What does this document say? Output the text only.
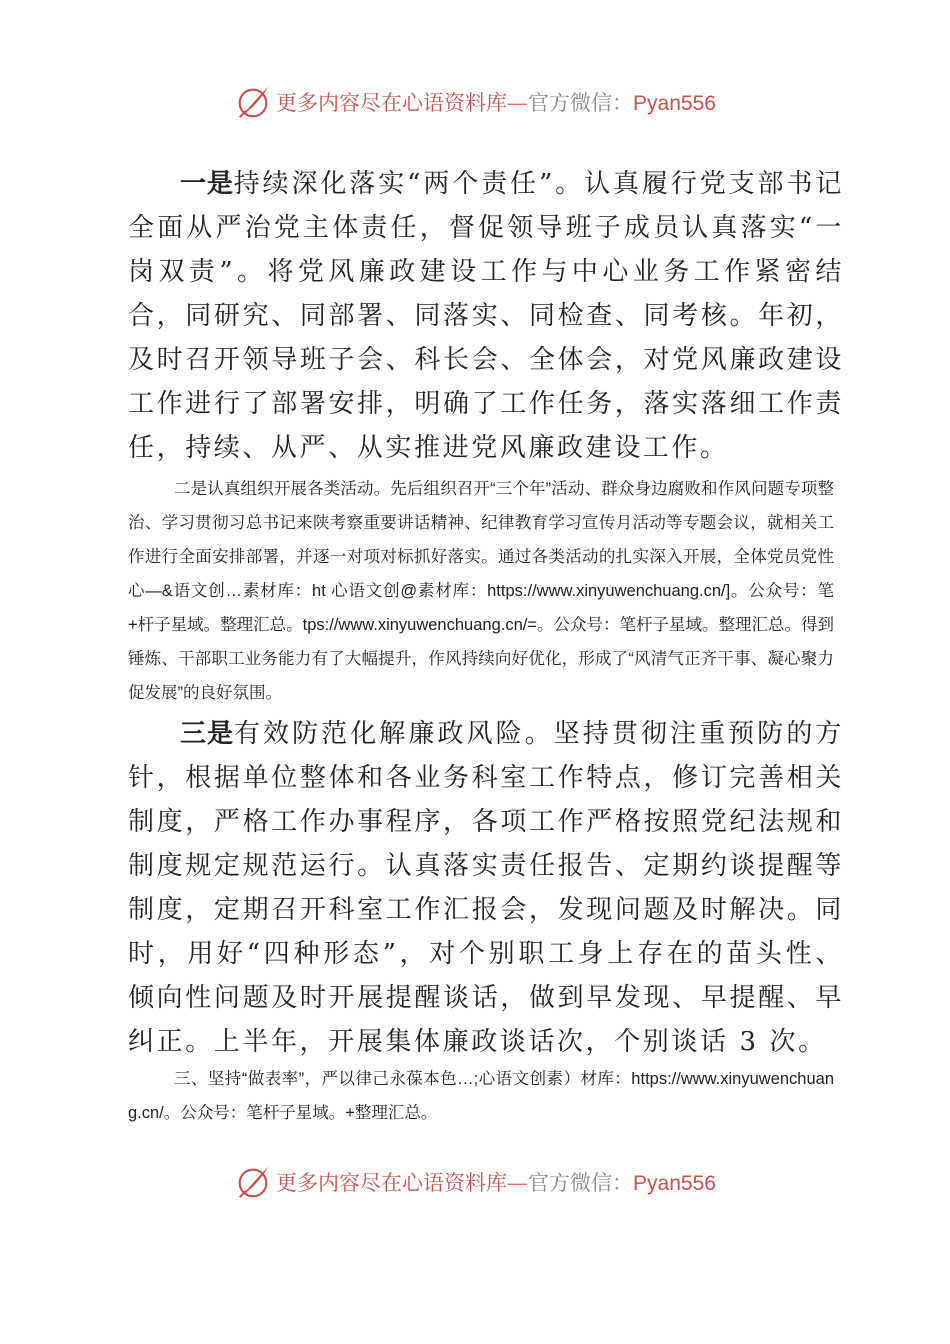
更多内容尽在心语资料库—官方微信：Pyan556

一是持续深化落实“两个责任”。认真履行党支部书记全面从严治党主体责任，督促领导班子成员认真落实“一岗双责”。将党风廉政建设工作与中心业务工作紧密结合，同研究、同部署、同落实、同检查、同考核。年初，及时召开领导班子会、科长会、全体会，对党风廉政建设工作进行了部署安排，明确了工作任务，落实落细工作责任，持续、从严、从实推进党风廉政建设工作。

二是认真组织开展各类活动。先后组织召开“三个年”活动、群众身边腐败和作风问题专项整治、学习贯彻习总书记来陕考察重要讲话精神、纪律教育学习宣传月活动等专题会议，就相关工作进行全面安排部署，并逐一对项对标抓好落实。通过各类活动的扎实深入开展，全体党员党性心—&语文创…素材库：ht 心语文创@素材库：https://www.xinyuwenchuang.cn/]。公众号：笔+杆子星域。整理汇总。tps://www.xinyuwenchuang.cn/=。公众号：笔杆子星域。整理汇总。得到锤炼、干部职工业务能力有了大幅提升，作风持续向好优化，形成了“风清气正齐干事、凝心聚力促发展”的良好氛围。

三是有效防范化解廉政风险。坚持贯彻注重预防的方针，根据单位整体和各业务科室工作特点，修订完善相关制度，严格工作办事程序，各项工作严格按照党纪法规和制度规定规范运行。认真落实责任报告、定期约谈提醒等制度，定期召开科室工作汇报会，发现问题及时解决。同时，用好“四种形态”，对个别职工身上存在的苗头性、倾向性问题及时开展提醒谈话，做到早发现、早提醒、早纠正。上半年，开展集体廉政谈话次，个别谈话 3 次。

三、坚持“做表率”，严以律己永葆本色…;心语文创素）材库：https://www.xinyuwenchuang.cn/。公众号：笔杆子星域。+整理汇总。

更多内容尽在心语资料库—官方微信：Pyan556
